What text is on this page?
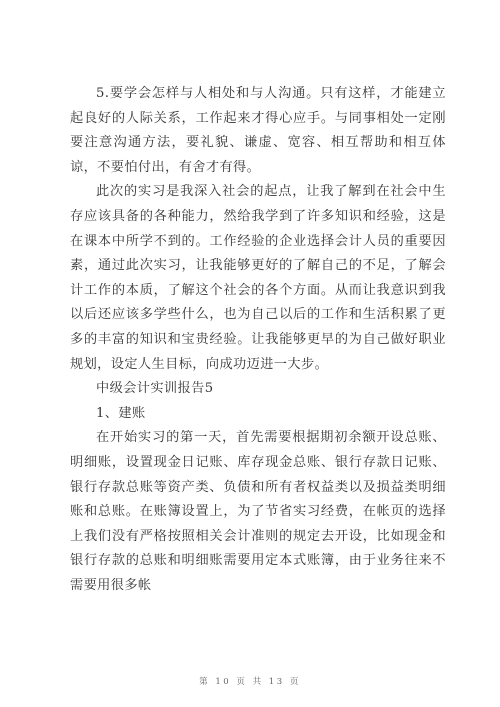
5.要学会怎样与人相处和与人沟通。只有这样，才能建立起良好的人际关系，工作起来才得心应手。与同事相处一定刚要注意沟通方法，要礼貌、谦虚、宽容、相互帮助和相互体谅，不要怕付出，有舍才有得。

此次的实习是我深入社会的起点，让我了解到在社会中生存应该具备的各种能力，然给我学到了许多知识和经验，这是在课本中所学不到的。工作经验的企业选择会计人员的重要因素，通过此次实习，让我能够更好的了解自己的不足，了解会计工作的本质，了解这个社会的各个方面。从而让我意识到我以后还应该多学些什么，也为自己以后的工作和生活积累了更多的丰富的知识和宝贵经验。让我能够更早的为自己做好职业规划，设定人生目标，向成功迈进一大步。

中级会计实训报告5

1、建账

在开始实习的第一天，首先需要根据期初余额开设总账、明细账，设置现金日记账、库存现金总账、银行存款日记账、银行存款总账等资产类、负债和所有者权益类以及损益类明细账和总账。在账簿设置上，为了节省实习经费，在帐页的选择上我们没有严格按照相关会计准则的规定去开设，比如现金和银行存款的总账和明细账需要用定本式账簿，由于业务往来不需要用很多帐

第 10 页 共 13 页
